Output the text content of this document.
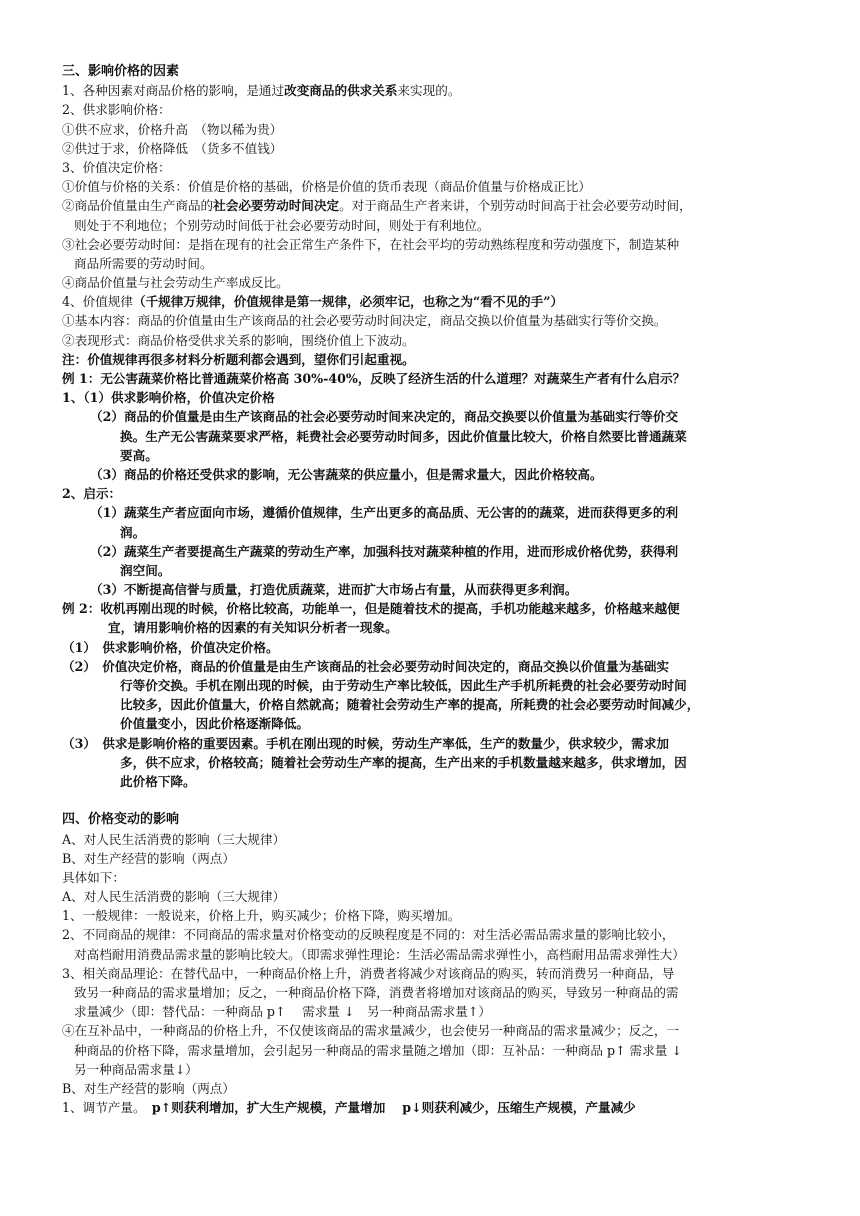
三、影响价格的因素
1、各种因素对商品价格的影响，是通过改变商品的供求关系来实现的。
2、供求影响价格：
①供不应求，价格升高　（物以稀为贵）
②供过于求，价格降低　（货多不值钱）
3、价值决定价格：
①价值与价格的关系：价值是价格的基础，价格是价值的货币表现（商品价值量与价格成正比）
②商品价值量由生产商品的社会必要劳动时间决定。对于商品生产者来讲，个别劳动时间高于社会必要劳动时间，
则处于不利地位；个别劳动时间低于社会必要劳动时间，则处于有利地位。
③社会必要劳动时间：是指在现有的社会正常生产条件下，在社会平均的劳动熟练程度和劳动强度下，制造某种
商品所需要的劳动时间。
④商品价值量与社会劳动生产率成反比。
4、价值规律（千规律万规律，价值规律是第一规律，必须牢记，也称之为“看不见的手”）
①基本内容：商品的价值量由生产该商品的社会必要劳动时间决定，商品交换以价值量为基础实行等价交换。
②表现形式：商品价格受供求关系的影响，围绕价值上下波动。
注：价值规律再很多材料分析题利都会遇到，望你们引起重视。
例 1：无公害蔬菜价格比普通蔬菜价格高 30%-40%，反映了经济生活的什么道理？对蔬菜生产者有什么启示？
1、（1）供求影响价格，价值决定价格
（2）商品的价值量是由生产该商品的社会必要劳动时间来决定的，商品交换要以价值量为基础实行等价交
换。生产无公害蔬菜要求严格，耗费社会必要劳动时间多，因此价值量比较大，价格自然要比普通蔬菜
要高。
（3）商品的价格还受供求的影响，无公害蔬菜的供应量小，但是需求量大，因此价格较高。
2、启示：
（1）蔬菜生产者应面向市场，遵循价值规律，生产出更多的高品质、无公害的的蔬菜，进而获得更多的利
润。
（2）蔬菜生产者要提高生产蔬菜的劳动生产率，加强科技对蔬菜种植的作用，进而形成价格优势，获得利
润空间。
（3）不断提高信誉与质量，打造优质蔬菜，进而扩大市场占有量，从而获得更多利润。
例 2：收机再刚出现的时候，价格比较高，功能单一，但是随着技术的提高，手机功能越来越多，价格越来越便
宜，请用影响价格的因素的有关知识分析者一现象。
（1）　供求影响价格，价值决定价格。
（2）　价值决定价格，商品的价值量是由生产该商品的社会必要劳动时间决定的，商品交换以价值量为基础实
行等价交换。手机在刚出现的时候，由于劳动生产率比较低，因此生产手机所耗费的社会必要劳动时间
比较多，因此价值量大，价格自然就高；随着社会劳动生产率的提高，所耗费的社会必要劳动时间减少，
价值量变小，因此价格逐渐降低。
（3）　供求是影响价格的重要因素。手机在刚出现的时候，劳动生产率低，生产的数量少，供求较少，需求加
多，供不应求，价格较高；随着社会劳动生产率的提高，生产出来的手机数量越来越多，供求增加，因
此价格下降。
四、价格变动的影响
A、对人民生活消费的影响（三大规律）
B、对生产经营的影响（两点）
具体如下：
A、对人民生活消费的影响（三大规律）
1、一般规律：一般说来，价格上升，购买减少；价格下降，购买增加。
2、不同商品的规律：不同商品的需求量对价格变动的反映程度是不同的：对生活必需品需求量的影响比较小，
对高档耐用消费品需求量的影响比较大。（即需求弹性理论：生活必需品需求弹性小，高档耐用品需求弹性大）
3、相关商品理论：在替代品中，一种商品价格上升，消费者将减少对该商品的购买，转而消费另一种商品，导
致另一种商品的需求量增加；反之，一种商品价格下降，消费者将增加对该商品的购买，导致另一种商品的需
求量减少（即：替代品：一种商品 p↑　 需求量 ↓　另一种商品需求量↑）
④在互补品中，一种商品的价格上升，不仅使该商品的需求量减少，也会使另一种商品的需求量减少；反之，一
种商品的价格下降，需求量增加，会引起另一种商品的需求量随之增加（即：互补品：一种商品 p↑ 需求量 ↓
另一种商品需求量↓）
B、对生产经营的影响（两点）
1、调节产量。　p↑则获利增加，扩大生产规模，产量增加　 p↓则获利减少，压缩生产规模，产量减少
